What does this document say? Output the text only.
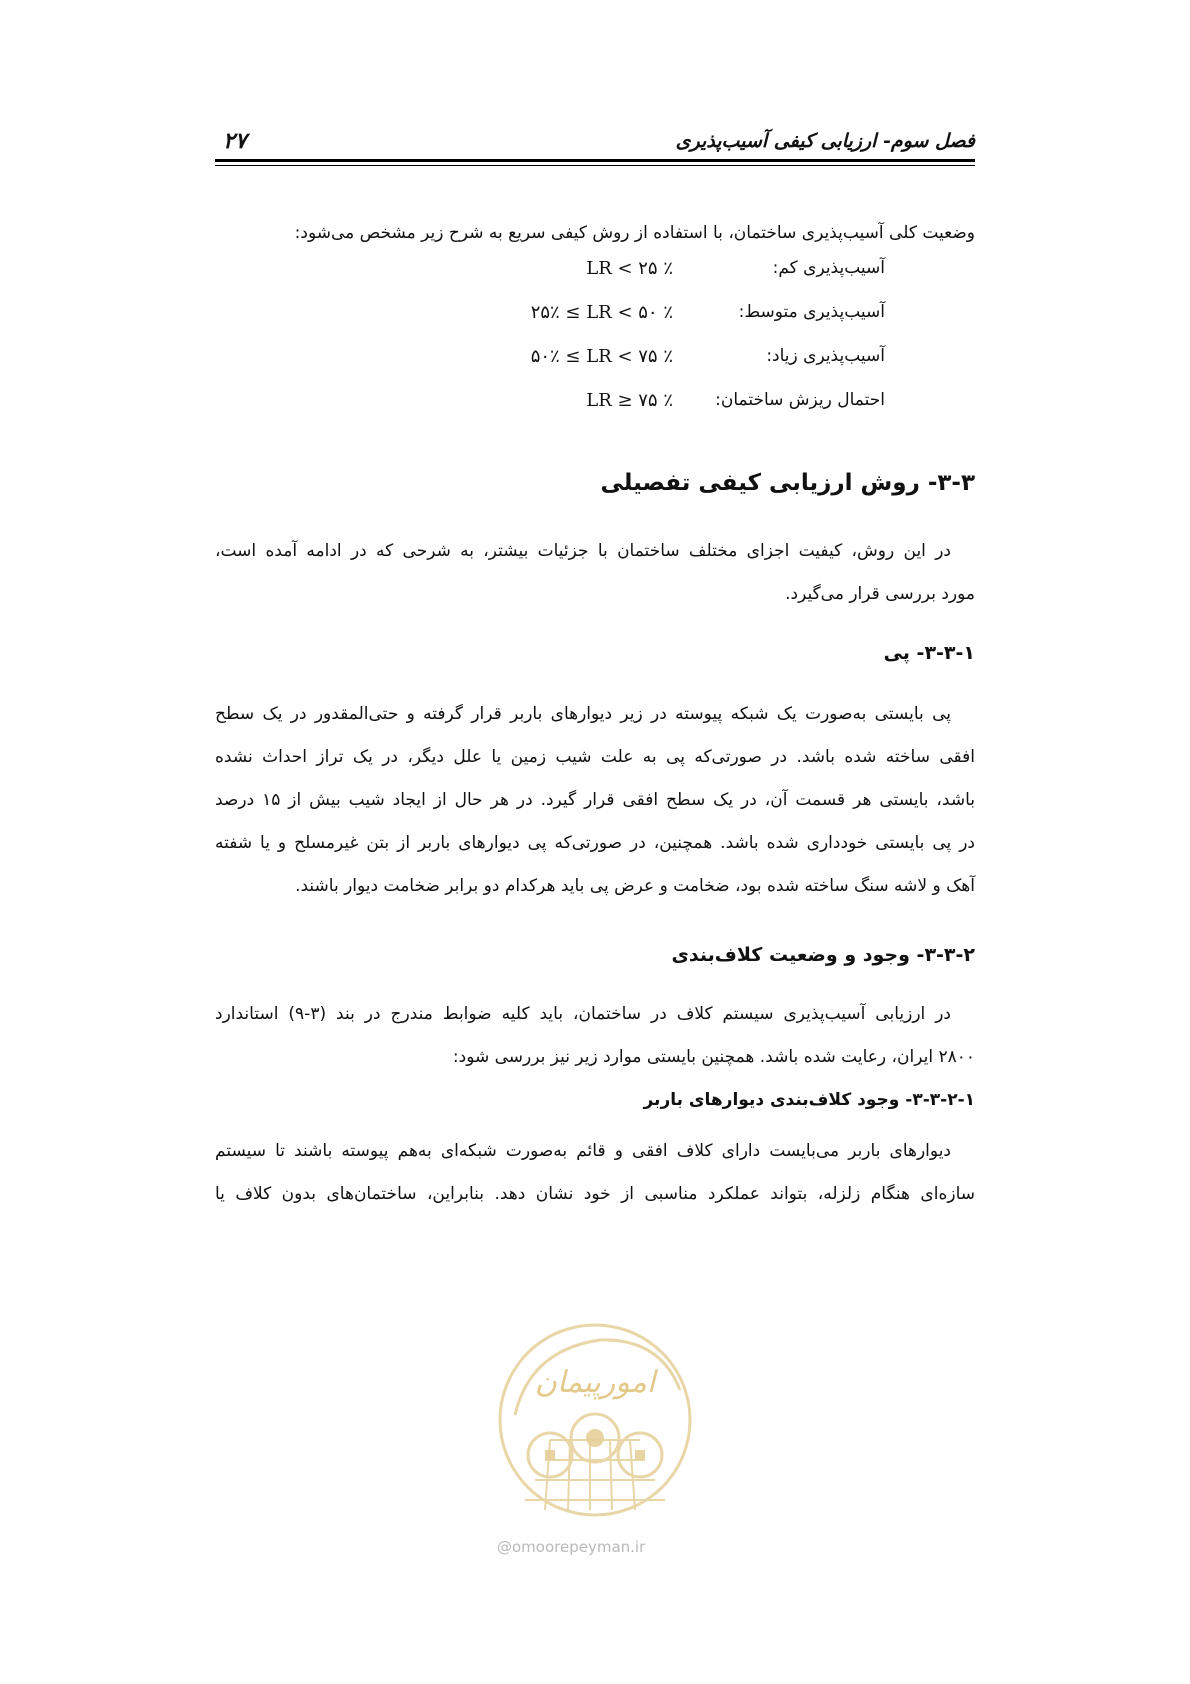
فصل سوم- ارزیابی کیفی آسیب‌پذیری
۲۷
وضعیت کلی آسیب‌پذیری ساختمان، با استفاده از روش کیفی سریع به شرح زیر مشخص می‌شود:
آسیب‌پذیری کم:
LR < ۲۵ ٪
آسیب‌پذیری متوسط:
۲۵٪ ≤ LR < ۵۰ ٪
آسیب‌پذیری زیاد:
۵۰٪ ≤ LR < ۷۵ ٪
احتمال ریزش ساختمان:
LR ≥ ۷۵ ٪
۳-۳- روش ارزیابی کیفی تفصیلی
در این روش، کیفیت اجزای مختلف ساختمان با جزئیات بیشتر، به شرحی که در ادامه آمده است،
مورد بررسی قرار می‌گیرد.
۳-۳-۱- پی
پی بایستی به‌صورت یک شبکه پیوسته در زیر دیوارهای باربر قرار گرفته و حتی‌المقدور در یک سطح
افقی ساخته شده باشد. در صورتی‌که پی به علت شیب زمین یا علل دیگر، در یک تراز احداث نشده
باشد، بایستی هر قسمت آن، در یک سطح افقی قرار گیرد. در هر حال از ایجاد شیب بیش از ۱۵ درصد
در پی بایستی خودداری شده باشد. همچنین، در صورتی‌که پی دیوارهای باربر از بتن غیرمسلح و یا شفته
آهک و لاشه سنگ ساخته شده بود، ضخامت و عرض پی باید هرکدام دو برابر ضخامت دیوار باشند.
۳-۳-۲- وجود و وضعیت کلاف‌بندی
در ارزیابی آسیب‌پذیری سیستم کلاف در ساختمان، باید کلیه ضوابط مندرج در بند (۳-۹) استاندارد
۲۸۰۰ ایران، رعایت شده باشد. همچنین بایستی موارد زیر نیز بررسی شود:
۳-۳-۲-۱- وجود کلاف‌بندی دیوارهای باربر
دیوارهای باربر می‌بایست دارای کلاف افقی و قائم به‌صورت شبکه‌ای به‌هم پیوسته باشند تا سیستم
سازه‌ای هنگام زلزله، بتواند عملکرد مناسبی از خود نشان دهد. بنابراین، ساختمان‌های بدون کلاف یا
امورپیمان
@omoorepeyman.ir
